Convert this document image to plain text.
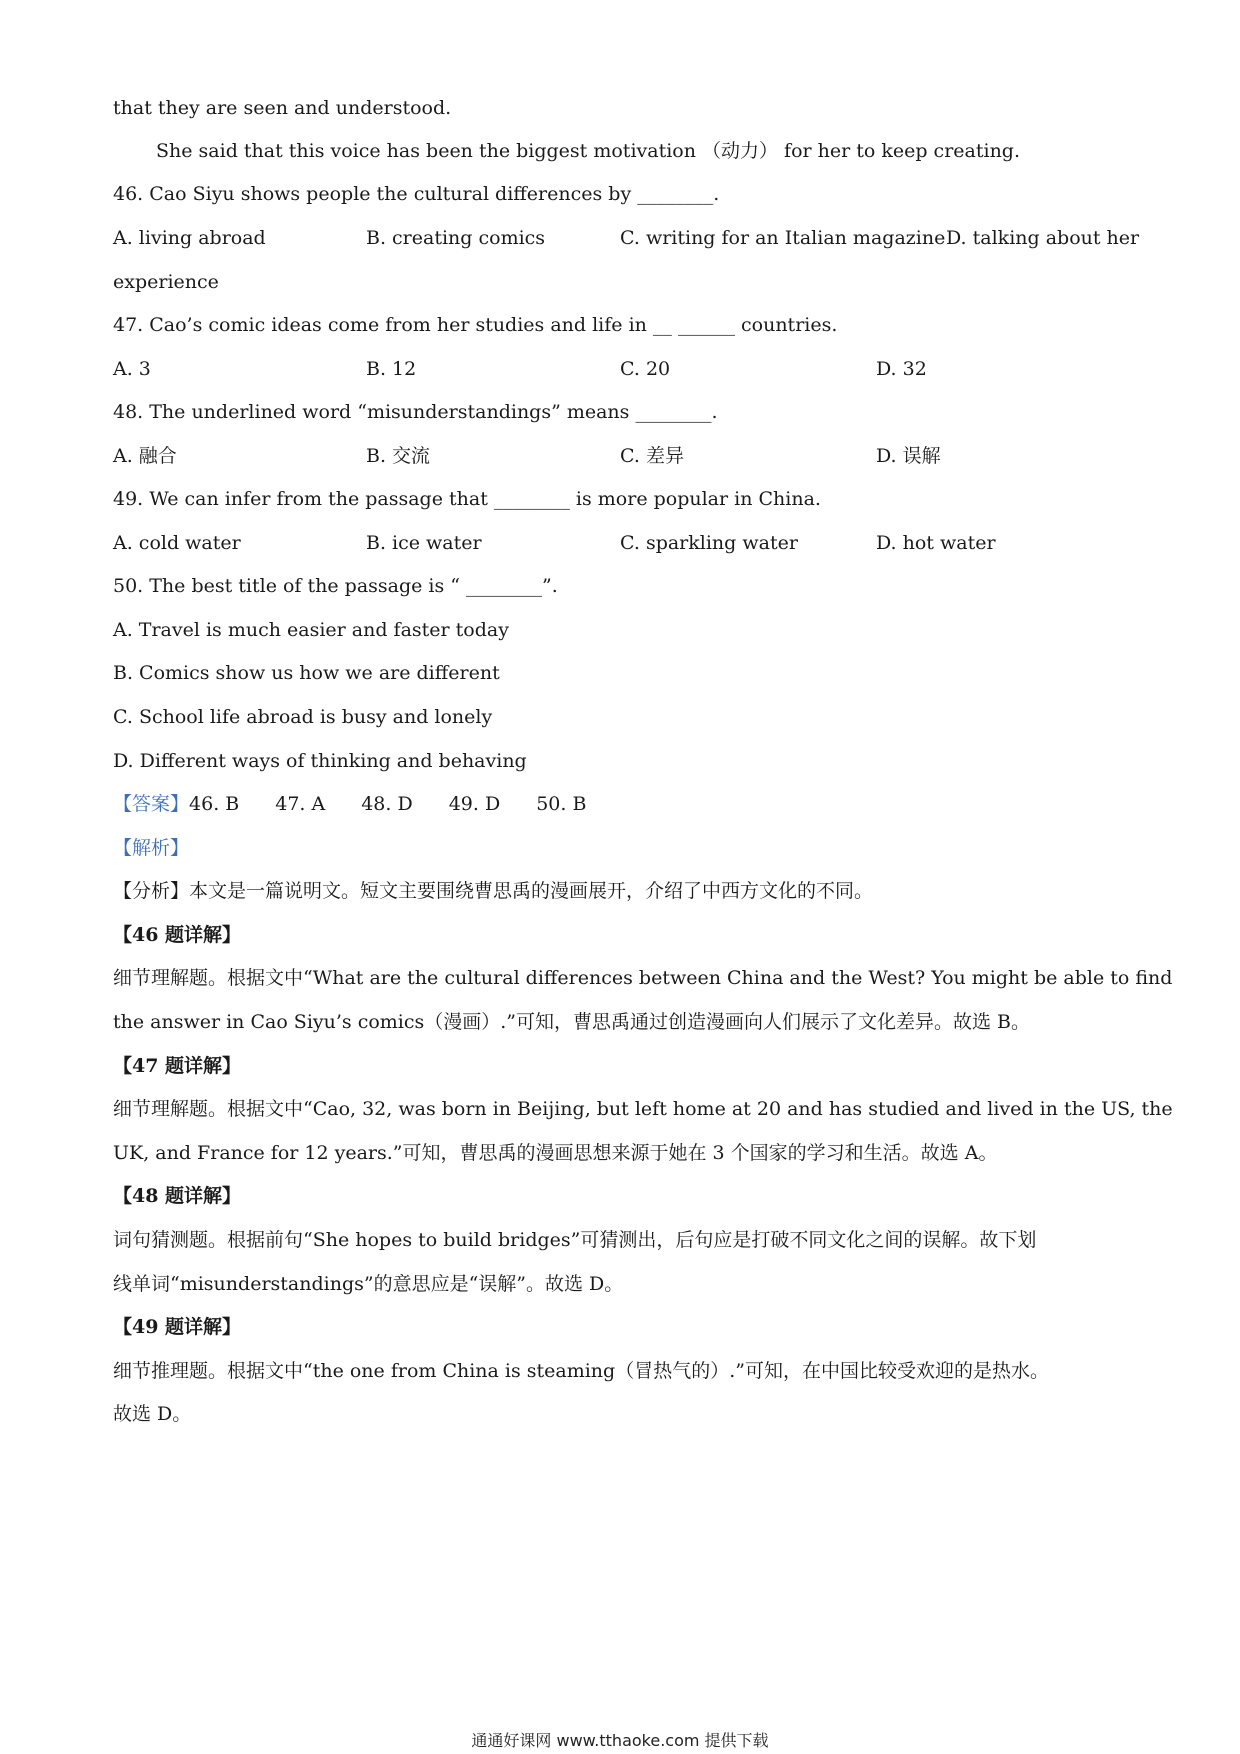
that they are seen and understood.
She said that this voice has been the biggest motivation （动力） for her to keep creating.
46. Cao Siyu shows people the cultural differences by ________.
A. living abroad	B. creating comics	C. writing for an Italian magazine D. talking about her
experience
47. Cao’s comic ideas come from her studies and life in __ ______ countries.
A. 3	B. 12	C. 20	D. 32
48. The underlined word “misunderstandings” means ________.
A. 融合	B. 交流	C. 差异	D. 误解
49. We can infer from the passage that ________ is more popular in China.
A. cold water	B. ice water	C. sparkling water	D. hot water
50. The best title of the passage is “ ________”.
A. Travel is much easier and faster today
B. Comics show us how we are different
C. School life abroad is busy and lonely
D. Different ways of thinking and behaving
【答案】46. B 47. A 48. D 49. D 50. B
【解析】
【分析】本文是一篇说明文。短文主要围绕曹思禹的漫画展开，介绍了中西方文化的不同。
【46 题详解】
细节理解题。根据文中“What are the cultural differences between China and the West? You might be able to find
the answer in Cao Siyu’s comics（漫画）.”可知，曹思禹通过创造漫画向人们展示了文化差异。故选 B。
【47 题详解】
细节理解题。根据文中“Cao, 32, was born in Beijing, but left home at 20 and has studied and lived in the US, the
UK, and France for 12 years.”可知，曹思禹的漫画思想来源于她在 3 个国家的学习和生活。故选 A。
【48 题详解】
词句猜测题。根据前句“She hopes to build bridges”可猜测出，后句应是打破不同文化之间的误解。故下划
线单词“misunderstandings”的意思应是“误解”。故选 D。
【49 题详解】
细节推理题。根据文中“the one from China is steaming（冒热气的）.”可知，在中国比较受欢迎的是热水。
故选 D。
通通好课网 www.tthaoke.com 提供下载
